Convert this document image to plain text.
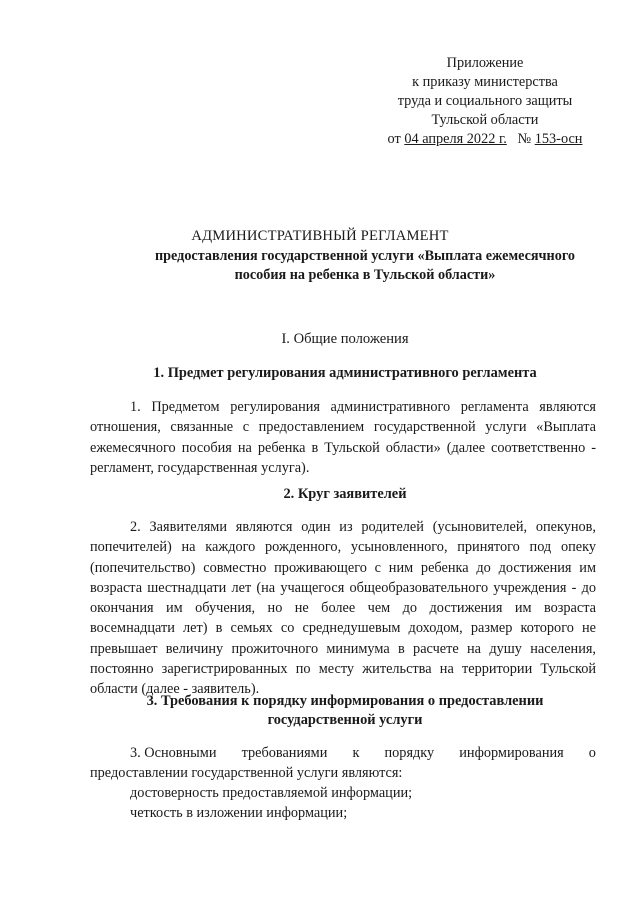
Приложение
к приказу министерства
труда и социального защиты
Тульской области
от 04 апреля 2022 г. № 153-осн
АДМИНИСТРАТИВНЫЙ РЕГЛАМЕНТ
предоставления государственной услуги «Выплата ежемесячного
пособия на ребенка в Тульской области»
I. Общие положения
1. Предмет регулирования административного регламента
1. Предметом регулирования административного регламента являются отношения, связанные с предоставлением государственной услуги «Выплата ежемесячного пособия на ребенка в Тульской области» (далее соответственно - регламент, государственная услуга).
2. Круг заявителей
2. Заявителями являются один из родителей (усыновителей, опекунов, попечителей) на каждого рожденного, усыновленного, принятого под опеку (попечительство) совместно проживающего с ним ребенка до достижения им возраста шестнадцати лет (на учащегося общеобразовательного учреждения - до окончания им обучения, но не более чем до достижения им возраста восемнадцати лет) в семьях со среднедушевым доходом, размер которого не превышает величину прожиточного минимума в расчете на душу населения, постоянно зарегистрированных по месту жительства на территории Тульской области (далее - заявитель).
3. Требования к порядку информирования о предоставлении
государственной услуги
3. Основными требованиями к порядку информирования о
предоставлении государственной услуги являются:
достоверность предоставляемой информации;
четкость в изложении информации;
